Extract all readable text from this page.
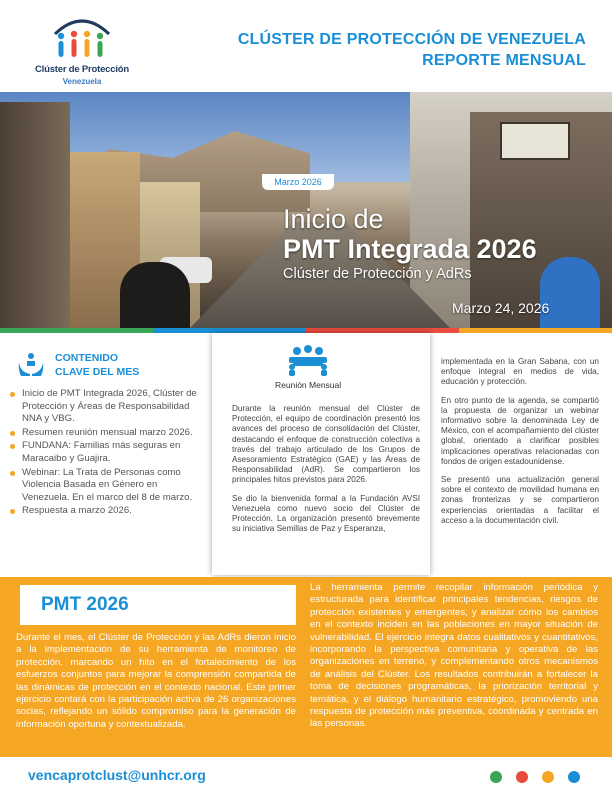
Clúster de Protección
Venezuela
CLÚSTER DE PROTECCIÓN DE VENEZUELA
REPORTE MENSUAL
Marzo 2026
Inicio de
PMT Integrada 2026
Clúster de Protección y AdRs
Marzo 24, 2026
CONTENIDO
CLAVE DEL MES
Inicio de PMT Integrada 2026, Clúster de Protección y Áreas de Responsabilidad NNA y VBG.
Resumen reunión mensual marzo 2026.
FUNDANA: Familias más seguras en Maracaibo y Guajira.
Webinar: La Trata de Personas como Violencia Basada en Género en Venezuela. En el marco del 8 de marzo.
Respuesta a marzo 2026.
Reunión Mensual

Durante la reunión mensual del Clúster de Protección, el equipo de coordinación presentó los avances del proceso de consolidación del Clúster, destacando el enfoque de construcción colectiva a través del trabajo articulado de los Grupos de Asesoramiento Estratégico (GAE) y las Áreas de Responsabilidad (AdR). Se compartieron los principales hitos previstos para 2026.

Se dio la bienvenida formal a la Fundación AVSI Venezuela como nuevo socio del Clúster de Protección. La organización presentó brevemente su iniciativa Semillas de Paz y Esperanza,

implementada en la Gran Sabana, con un enfoque integral en medios de vida, educación y protección.

En otro punto de la agenda, se compartió la propuesta de organizar un webinar informativo sobre la denominada Ley de México, con el acompañamiento del clúster global, orientado a clarificar posibles implicaciones operativas relacionadas con fondos de origen estadounidense.

Se presentó una actualización general sobre el contexto de movilidad humana en zonas fronterizas y se compartieron experiencias orientadas a facilitar el acceso a la documentación civil.

PMT 2026
Durante el mes, el Clúster de Protección y las AdRs dieron inicio a la implementación de su herramienta de monitoreo de protección, marcando un hito en el fortalecimiento de los esfuerzos conjuntos para mejorar la comprensión compartida de las dinámicas de protección en el contexto nacional. Este primer ejercicio contará con la participación activa de 26 organizaciones socias, reflejando un sólido compromiso para la generación de información oportuna y contextualizada.
La herramienta permite recopilar información periódica y estructurada para identificar principales tendencias, riesgos de protección existentes y emergentes, y analizar cómo los cambios en el contexto inciden en las poblaciones en mayor situación de vulnerabilidad. El ejercicio integra datos cualitativos y cuantitativos, incorporando la perspectiva comunitaria y operativa de las organizaciones en terreno, y complementando otros mecanismos de análisis del Clúster. Los resultados contribuirán a fortalecer la toma de decisiones programáticas, la priorización territorial y temática, y el diálogo humanitario estratégico, promoviendo una respuesta de protección más preventiva, coordinada y centrada en las personas.
vencaprotclust@unhcr.org
